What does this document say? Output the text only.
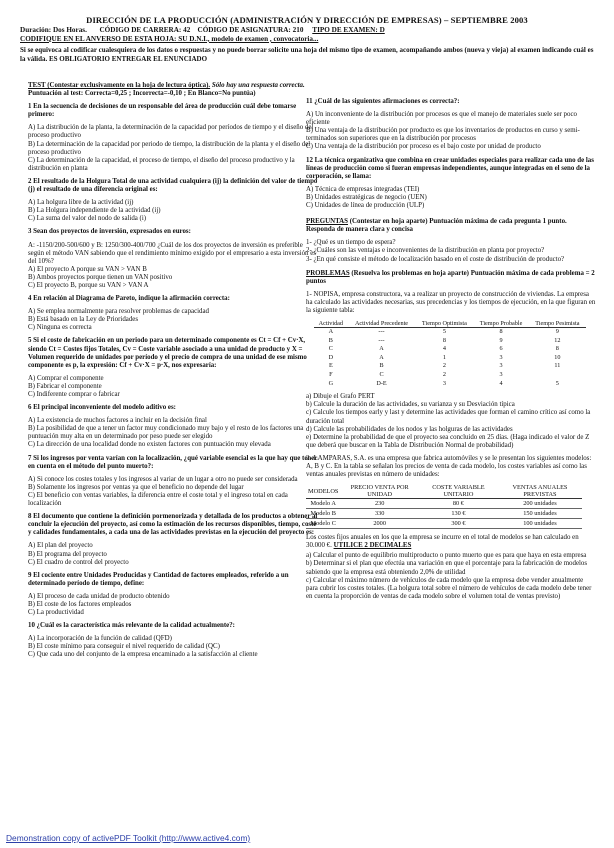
DIRECCIÓN DE LA PRODUCCIÓN (ADMINISTRACIÓN Y DIRECCIÓN DE EMPRESAS) – SEPTIEMBRE 2003
Duración: Dos Horas. CÓDIGO DE CARRERA: 42 CÓDIGO DE ASIGNATURA: 210 TIPO DE EXAMEN: D
CODIFIQUE EN EL ANVERSO DE ESTA HOJA: SU D.N.I., modelo de examen , convocatoria...
Si se equivoca al codificar cualesquiera de los datos o respuestas y no puede borrar solicite una hoja del mismo tipo de examen, acompañando ambos (nueva y vieja) al examen indicando cuál es la válida. ES OBLIGATORIO ENTREGAR EL ENUNCIADO

TEST (Contestar exclusivamente en la hoja de lectura óptica). Sólo hay una respuesta correcta. Puntuación al test: Correcta=0,25 ; Incorrecta=-0,10 ; En Blanco=No puntúa)

1 En la secuencia de decisiones de un responsable del área de producción cuál debe tomarse primero:

A) La distribución de la planta, la determinación de la capacidad por períodos de tiempo y el diseño del proceso productivo
B) La determinación de la capacidad por periodo de tiempo, la distribución de la planta y el diseño del proceso productivo
C) La determinación de la capacidad, el proceso de tiempo, el diseño del proceso productivo y la distribución en planta

2 El resultado de la Holgura Total de una actividad cualquiera (ij) la definición del valor de tiempo (j) el resultado de una diferencia original es:

A) La holgura libre de la actividad (ij)
B) La Holgura independiente de la actividad (ij)
C) La suma del valor del nodo de salida (i)

3 Sean dos proyectos de inversión, expresados en euros:

A: -1150/200-500/600 y B: 1250/300-400/700 ¿Cuál de los dos proyectos de inversión es preferible según el método VAN sabiendo que el rendimiento mínimo exigido por el empresario a esta inversión es del 10%?
A) El proyecto A porque su VAN > VAN B
B) Ambos proyectos porque tienen un VAN positivo
C) El proyecto B, porque su VAN > VAN A

4 En relación al Diagrama de Pareto, indique la afirmación correcta:

A) Se emplea normalmente para resolver problemas de capacidad
B) Está basado en la Ley de Prioridades
C) Ninguna es correcta

5 Si el coste de fabricación en un periodo para un determinado componente es Ct = Cf + Cv·X, siendo Ct = Costes fijos Totales, Cv = Coste variable asociado a una unidad de producto y X = Volumen requerido de unidades por período y el precio de compra de una unidad de ese mismo componente es p, la expresión: Cf + Cv·X = p·X, nos expresaría:

A) Comprar el componente
B) Fabricar el componente
C) Indiferente comprar o fabricar

6 El principal inconveniente del modelo aditivo es:

A) La existencia de muchos factores a incluir en la decisión final
B) La posibilidad de que a tener un factor muy condicionado muy bajo y el resto de los factores una puntuación muy alta en un determinado por peso puede ser elegido
C) La dirección de una localidad donde no existen factores con puntuación muy elevada

7 Si los ingresos por venta varían con la localización, ¿qué variable esencial es la que hay que tener en cuenta en el método del punto muerto?:

A) Si conoce los costes totales y los ingresos al variar de un lugar a otro no puede ser considerada
B) Solamente los ingresos por ventas ya que el beneficio no depende del lugar
C) El beneficio con ventas variables, la diferencia entre el coste total y el ingreso total en cada localización

8 El documento que contiene la definición pormenorizada y detallada de los productos a obtener al concluir la ejecución del proyecto, así como la estimación de los recursos disponibles, tiempo, coste y calidades fundamentales, a cada una de las actividades previstas en la ejecución del proyecto es:

A) El plan del proyecto
B) El programa del proyecto
C) El cuadro de control del proyecto

9 El cociente entre Unidades Producidas y Cantidad de factores empleados, referido a un determinado período de tiempo, define:

A) El proceso de cada unidad de producto obtenido
B) El coste de los factores empleados
C) La productividad

10 ¿Cuál es la característica más relevante de la calidad actualmente?:

A) La incorporación de la función de calidad (QFD)
B) El coste mínimo para conseguir el nivel requerido de calidad (QC)
C) Que cada uno del conjunto de la empresa encaminado a la satisfacción al cliente

11 ¿Cuál de las siguientes afirmaciones es correcta?:

A) Un inconveniente de la distribución por procesos es que el manejo de materiales suele ser poco eficiente
B) Una ventaja de la distribución por producto es que los inventarios de productos en curso y semi-terminados son superiores que en la distribución por procesos
C) Una ventaja de la distribución por proceso es el bajo coste por unidad de producto

12 La técnica organizativa que combina en crear unidades especiales para realizar cada uno de las líneas de producción como si fueran empresas independientes, aunque integradas en el seno de la corporación, se llama:

A) Técnica de empresas integradas (TEI)
B) Unidades estratégicas de negocio (UEN)
C) Unidades de línea de producción (ULP)

PREGUNTAS (Contestar en hoja aparte) Puntuación máxima de cada pregunta 1 punto. Responda de manera clara y concisa

1- ¿Qué es un tiempo de espera?
2- ¿Cuáles son las ventajas e inconvenientes de la distribución en planta por proyecto?
3- ¿En qué consiste el método de localización basado en el coste de distribución de producto?

PROBLEMAS (Resuelva los problemas en hoja aparte) Puntuación máxima de cada problema = 2 puntos

1- NOPISA, empresa constructora, va a realizar un proyecto de construcción de viviendas. La empresa ha calculado las actividades necesarias, sus precedencias y los tiempos de ejecución, en la que figuran en la siguiente tabla:

Actividad	Actividad Precedente	Tiempo Optimista	Tiempo Probable	Tiempo Pesimista
A	---	5	8	9
B	---	8	9	12
C	A	4	6	8
D	A	1	3	10
E	B	2	3	11
F	C	2	3	
G	D-E	3	4	5
a) Dibuje el Grafo PERT
b) Calcule la duración de las actividades, su varianza y su Desviación típica
c) Calcule los tiempos early y last y determine las actividades que forman el camino crítico así como la duración total
d) Calcule las probabilidades de los nodos y las holguras de las actividades
e) Determine la probabilidad de que el proyecto sea concluido en 25 días. (Haga indicado el valor de Z que deberá que buscar en la Tabla de Distribución Normal de probabilidad)

2- LAMPARAS, S.A. es una empresa que fabrica automóviles y se le presentan los siguientes modelos: A, B y C. En la tabla se señalan los precios de venta de cada modelo, los costes variables así como las ventas anuales previstas en número de unidades:

MODELOS	PRECIO VENTA POR UNIDAD	COSTE VARIABLE UNITARIO	VENTAS ANUALES PREVISTAS
Modelo A	230	80 €	200 unidades
Modelo B	330	130 €	150 unidades
Modelo C	2000	300 €	100 unidades

Los costes fijos anuales en los que la empresa se incurre en el total de modelos se han calculado en 30.000 €. UTILICE 2 DECIMALES

a) Calcular el punto de equilibrio multiproducto o punto muerto que es para que haya en esta empresa
b) Determinar si el plan que efectúa una variación en que el porcentaje para la fabricación de modelos sabiendo que la empresa está obteniendo 2,0% de utilidad
c) Calcular el máximo número de vehículos de cada modelo que la empresa debe vender anualmente para cubrir los costes totales. (La holgura total sobre el número de vehículos de cada modelo debe tener en cuenta la proporción de ventas de cada modelo sobre el volumen total de ventas previsto)
Demonstration copy of activePDF Toolkit (http://www.active4.com)
